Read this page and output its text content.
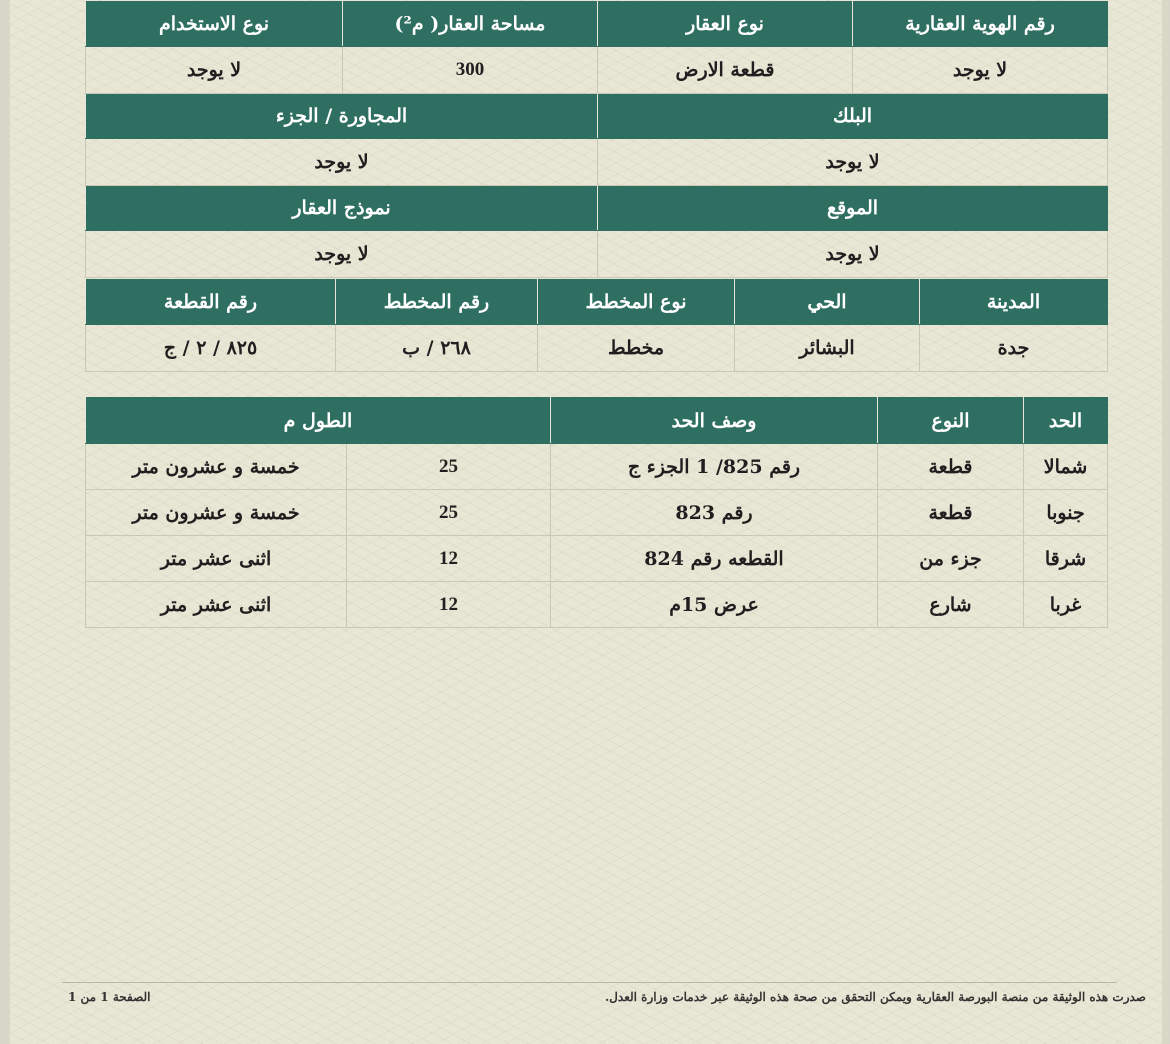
رقم الهوية العقارية	نوع العقار	مساحة العقار( م²)	نوع الاستخدام
لا يوجد	قطعة الارض	300	لا يوجد
البلك		المجاورة / الجزء	
لا يوجد		لا يوجد	
الموقع		نموذج العقار	
لا يوجد		لا يوجد	
المدينة	الحي	نوع المخطط	رقم المخطط	رقم القطعة
جدة	البشائر	مخطط	٢٦٨ / ب	٨٢٥ / ٢ / ج
الحد	النوع	وصف الحد	الطول م	
شمالا	قطعة	رقم 825/ 1 الجزء ج	25	خمسة و عشرون متر
جنوبا	قطعة	رقم 823	25	خمسة و عشرون متر
شرقا	جزء من	القطعه رقم 824	12	اثنى عشر متر
غربا	شارع	عرض 15م	12	اثنى عشر متر
صدرت هذه الوثيقة من منصة البورصة العقارية ويمكن التحقق من صحة هذه الوثيقة عبر خدمات وزارة العدل.
الصفحة 1 من 1
